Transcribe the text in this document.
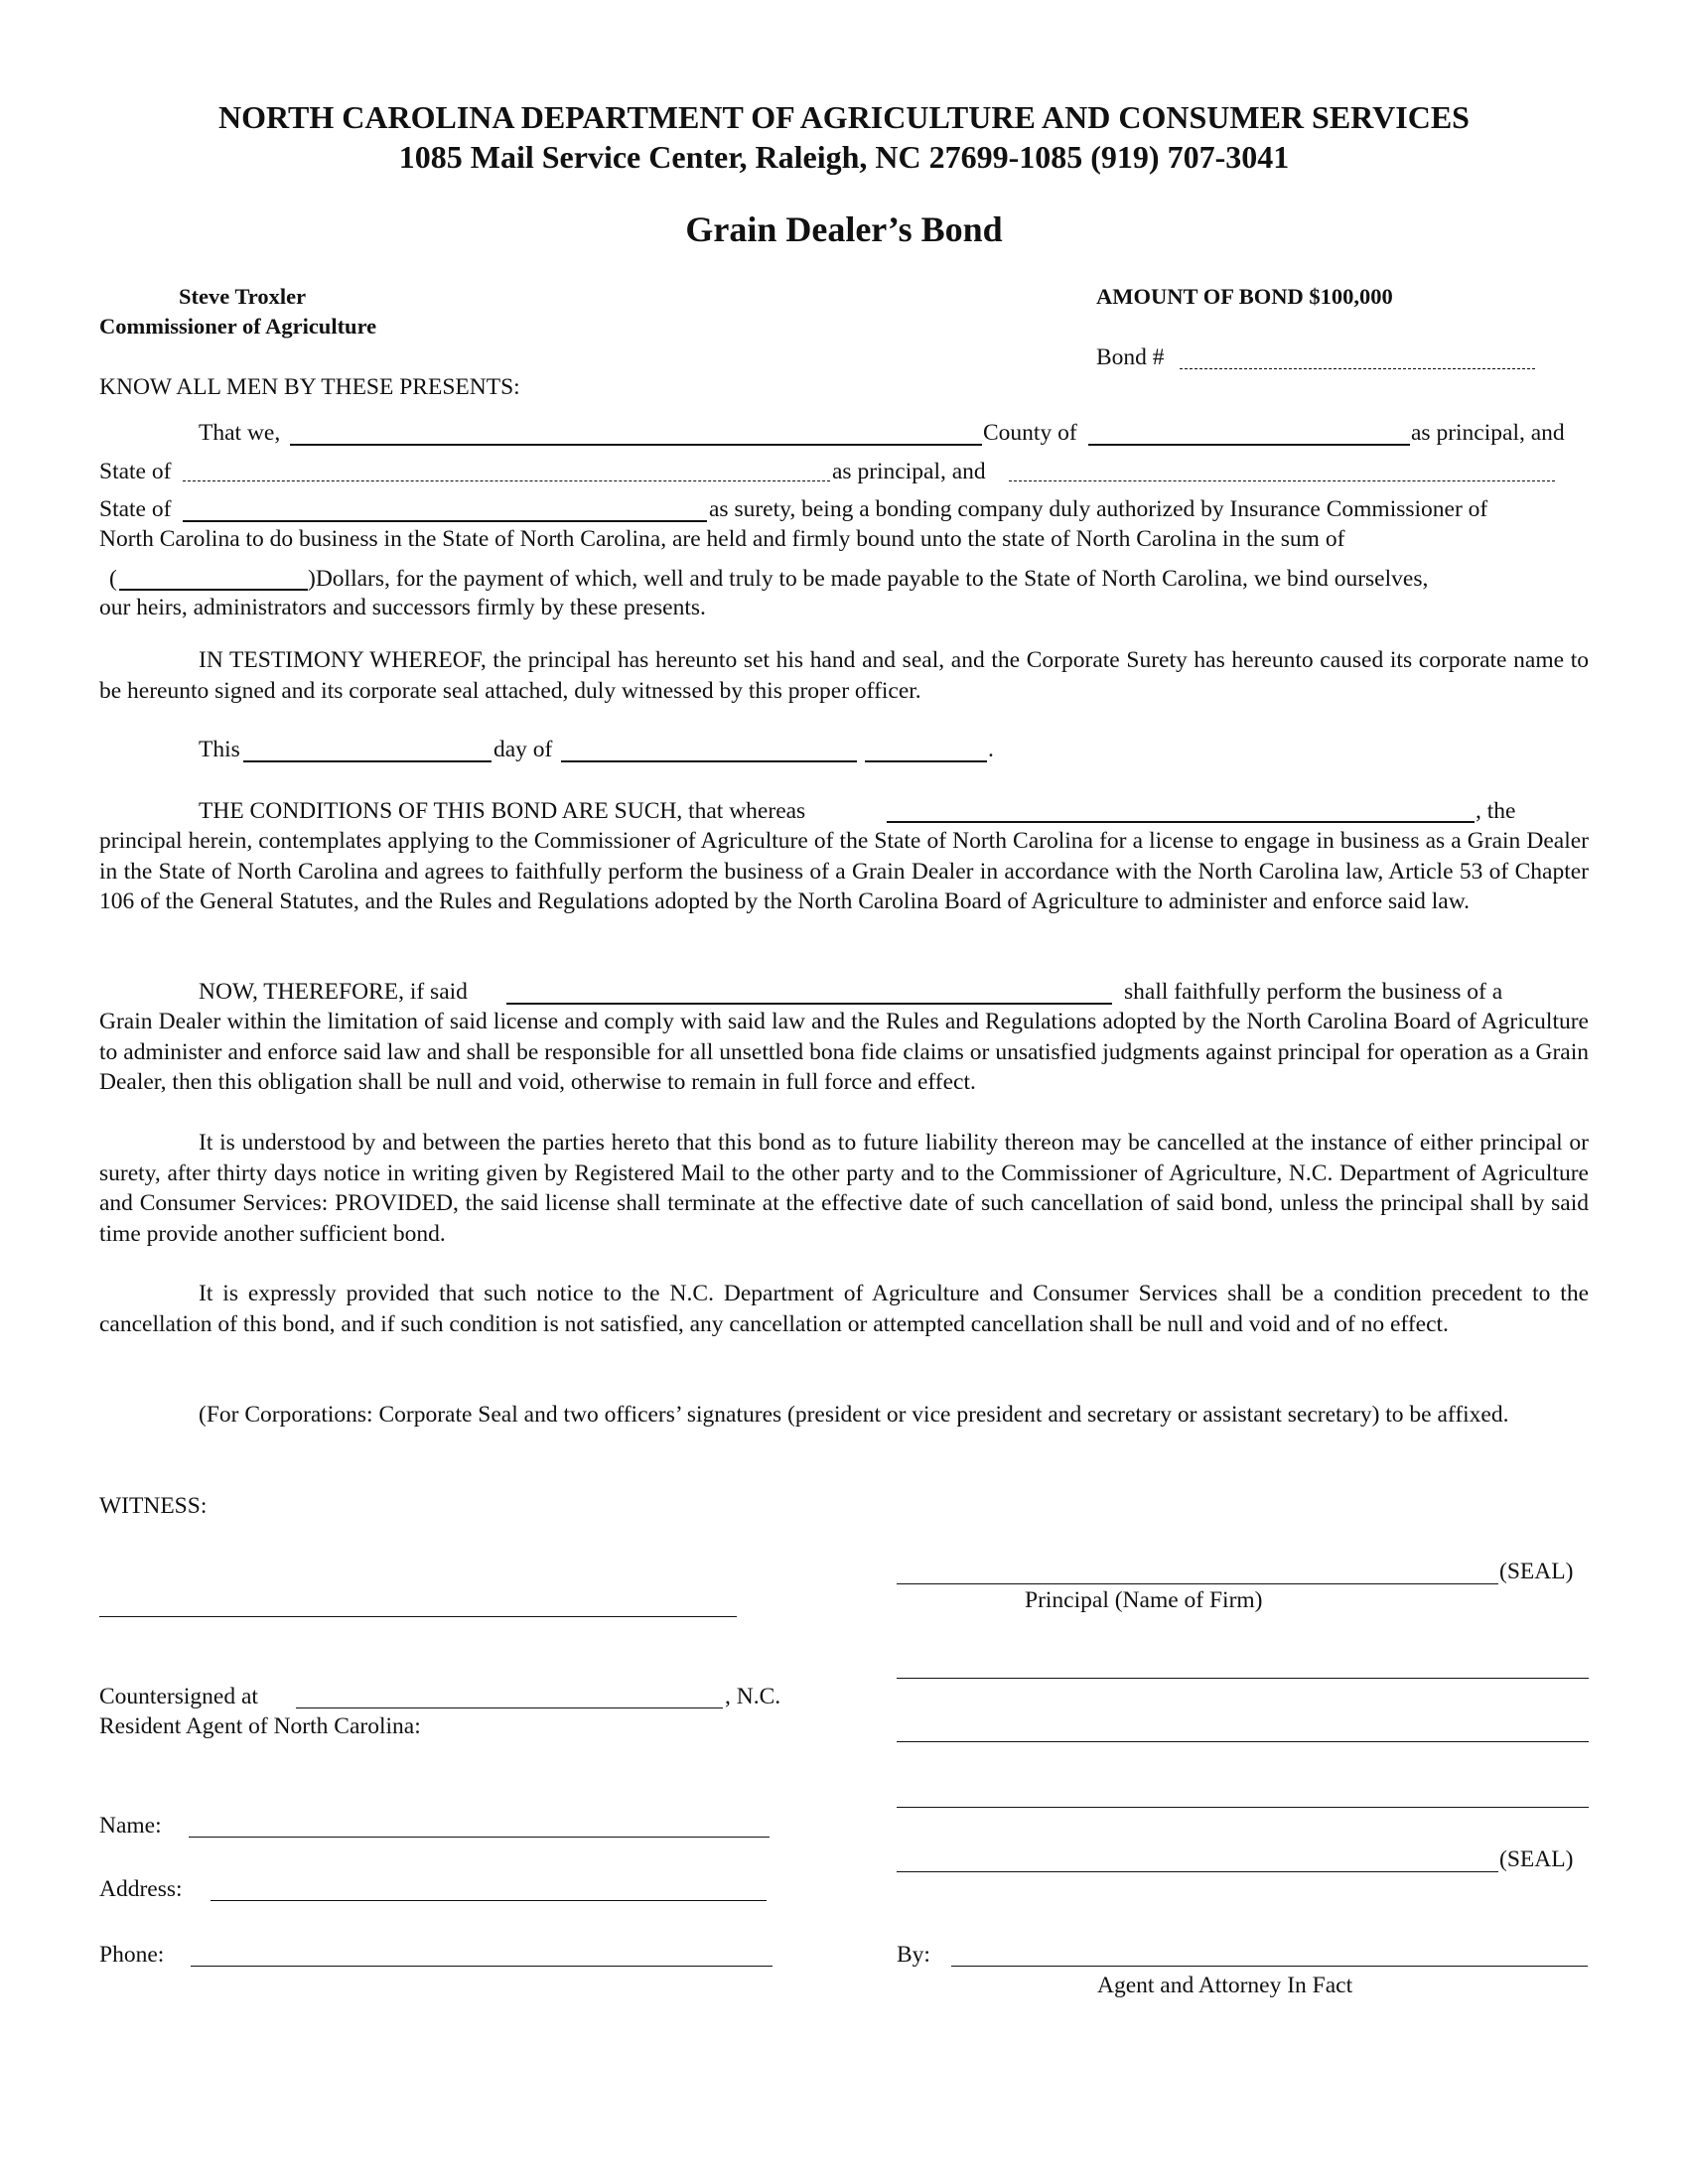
NORTH CAROLINA DEPARTMENT OF AGRICULTURE AND CONSUMER SERVICES
1085 Mail Service Center, Raleigh, NC 27699-1085 (919) 707-3041
Grain Dealer’s Bond
Steve Troxler
Commissioner of Agriculture
AMOUNT OF BOND $100,000
Bond #
KNOW ALL MEN BY THESE PRESENTS:
That we,	County of	as principal, and
State of	as principal, and
State of	as surety, being a bonding company duly authorized by Insurance Commissioner of
North Carolina to do business in the State of North Carolina, are held and firmly bound unto the state of North Carolina in the sum of
(	)Dollars, for the payment of which, well and truly to be made payable to the State of North Carolina, we bind ourselves,
our heirs, administrators and successors firmly by these presents.
IN TESTIMONY WHEREOF, the principal has hereunto set his hand and seal, and the Corporate Surety has hereunto caused its corporate name to be hereunto signed and its corporate seal attached, duly witnessed by this proper officer.
This	day of	.
THE CONDITIONS OF THIS BOND ARE SUCH, that whereas	, the
principal herein, contemplates applying to the Commissioner of Agriculture of the State of North Carolina for a license to engage in business as a Grain Dealer in the State of North Carolina and agrees to faithfully perform the business of a Grain Dealer in accordance with the North Carolina law, Article 53 of Chapter 106 of the General Statutes, and the Rules and Regulations adopted by the North Carolina Board of Agriculture to administer and enforce said law.
NOW, THEREFORE, if said	shall faithfully perform the business of a
Grain Dealer within the limitation of said license and comply with said law and the Rules and Regulations adopted by the North Carolina Board of Agriculture to administer and enforce said law and shall be responsible for all unsettled bona fide claims or unsatisfied judgments against principal for operation as a Grain Dealer, then this obligation shall be null and void, otherwise to remain in full force and effect.
It is understood by and between the parties hereto that this bond as to future liability thereon may be cancelled at the instance of either principal or surety, after thirty days notice in writing given by Registered Mail to the other party and to the Commissioner of Agriculture, N.C. Department of Agriculture and Consumer Services: PROVIDED, the said license shall terminate at the effective date of such cancellation of said bond, unless the principal shall by said time provide another sufficient bond.
It is expressly provided that such notice to the N.C. Department of Agriculture and Consumer Services shall be a condition precedent to the cancellation of this bond, and if such condition is not satisfied, any cancellation or attempted cancellation shall be null and void and of no effect.
(For Corporations: Corporate Seal and two officers’ signatures (president or vice president and secretary or assistant secretary) to be affixed.
WITNESS:
(SEAL)
Principal (Name of Firm)
(SEAL)
By:
Agent and Attorney In Fact
Countersigned at	, N.C.
Resident Agent of North Carolina:
Name:
Address:
Phone:
